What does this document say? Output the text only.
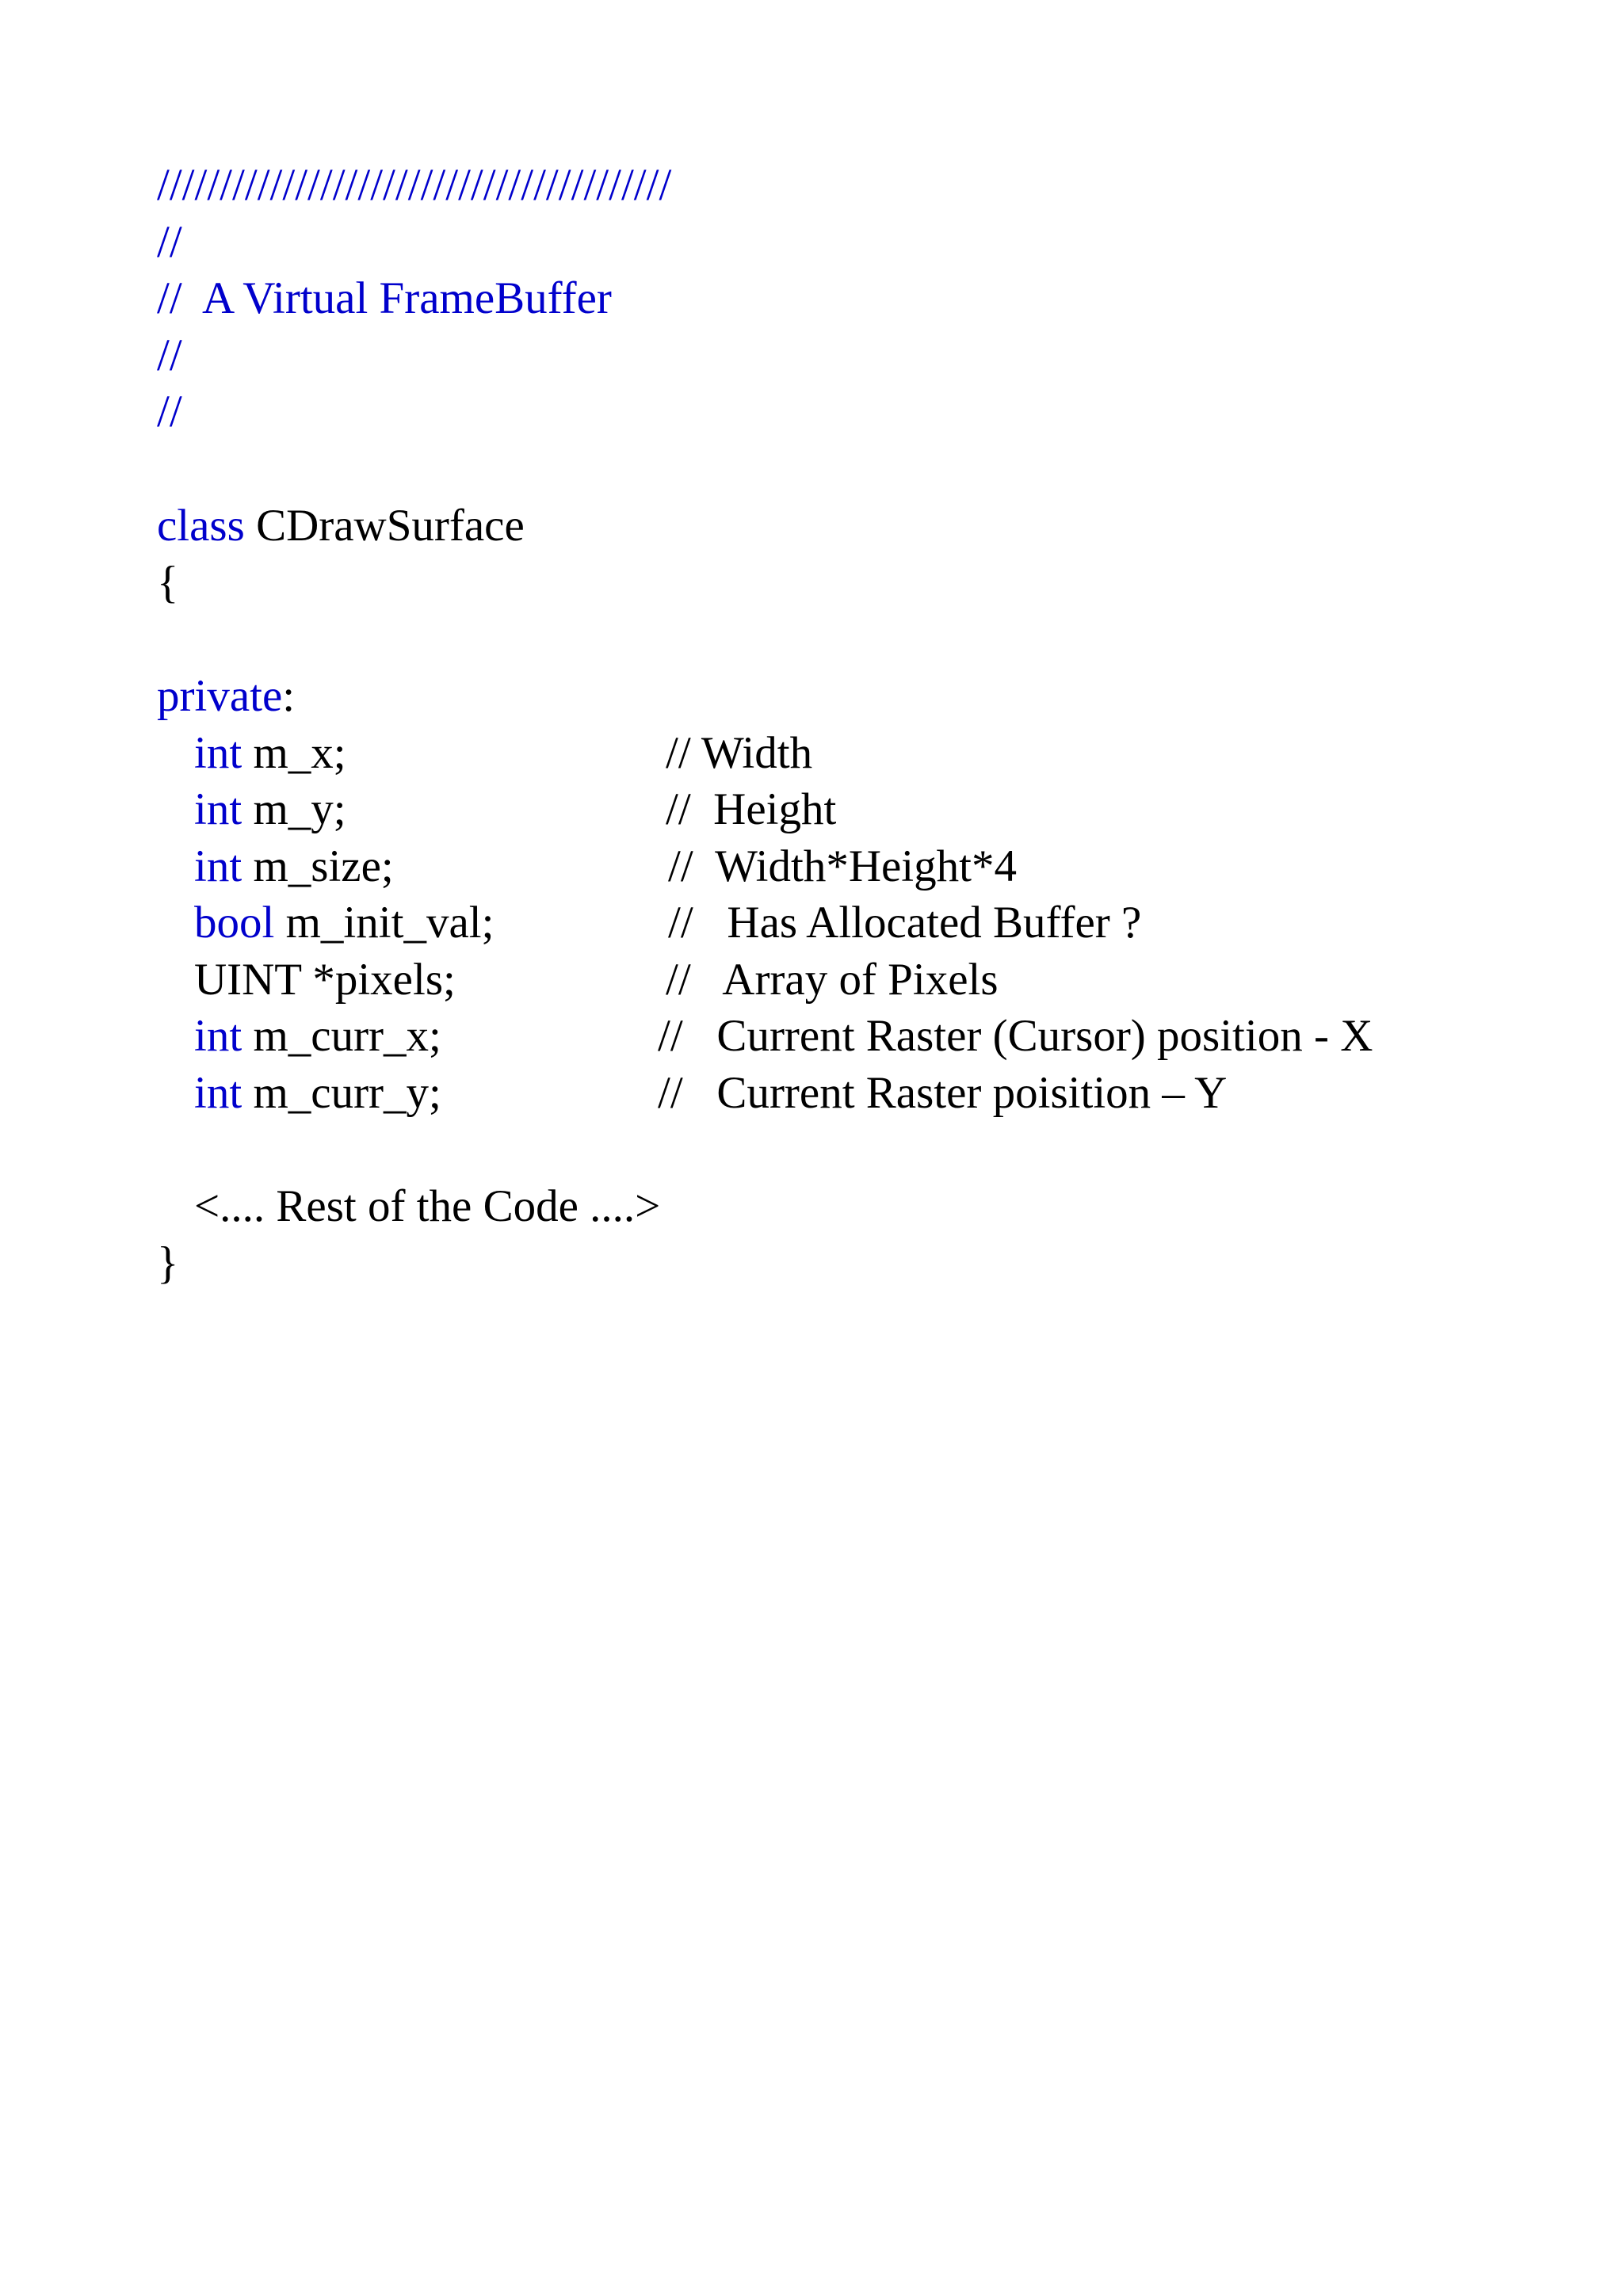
/////////////////////////////////////////
//
//  A Virtual FrameBuffer
//
//
class CDrawSurface
{
private:
int m_x;	// Width
int m_y;	//  Height
int m_size;	//  Width*Height*4
bool m_init_val;	//   Has Allocated Buffer ?
UINT *pixels;	//   Array of Pixels
int m_curr_x;	//   Current Raster (Cursor) position - X
int m_curr_y;	//   Current Raster poisition – Y
<.... Rest of the Code ....>
}
